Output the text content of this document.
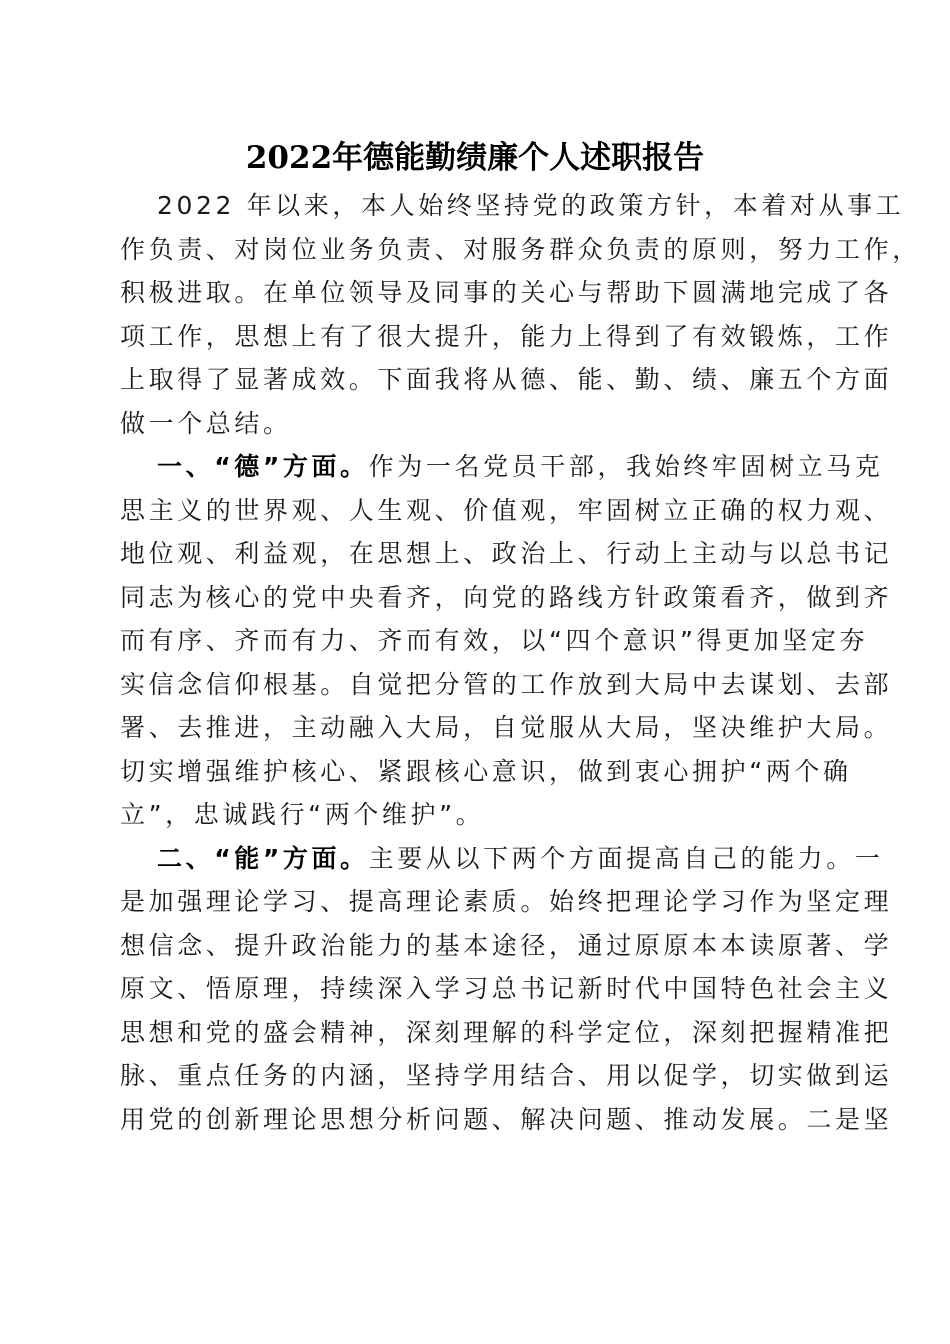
2022年德能勤绩廉个人述职报告
2022 年以来，本人始终坚持党的政策方针，本着对从事工
作负责、对岗位业务负责、对服务群众负责的原则，努力工作，
积极进取。在单位领导及同事的关心与帮助下圆满地完成了各
项工作，思想上有了很大提升，能力上得到了有效锻炼，工作
上取得了显著成效。下面我将从德、能、勤、绩、廉五个方面
做一个总结。
一、“德”方面。作为一名党员干部，我始终牢固树立马克
思主义的世界观、人生观、价值观，牢固树立正确的权力观、
地位观、利益观，在思想上、政治上、行动上主动与以总书记
同志为核心的党中央看齐，向党的路线方针政策看齐，做到齐
而有序、齐而有力、齐而有效，以“四个意识”得更加坚定夯
实信念信仰根基。自觉把分管的工作放到大局中去谋划、去部
署、去推进，主动融入大局，自觉服从大局，坚决维护大局。
切实增强维护核心、紧跟核心意识，做到衷心拥护“两个确
立”，忠诚践行“两个维护”。
二、“能”方面。主要从以下两个方面提高自己的能力。一
是加强理论学习、提高理论素质。始终把理论学习作为坚定理
想信念、提升政治能力的基本途径，通过原原本本读原著、学
原文、悟原理，持续深入学习总书记新时代中国特色社会主义
思想和党的盛会精神，深刻理解的科学定位，深刻把握精准把
脉、重点任务的内涵，坚持学用结合、用以促学，切实做到运
用党的创新理论思想分析问题、解决问题、推动发展。二是坚
